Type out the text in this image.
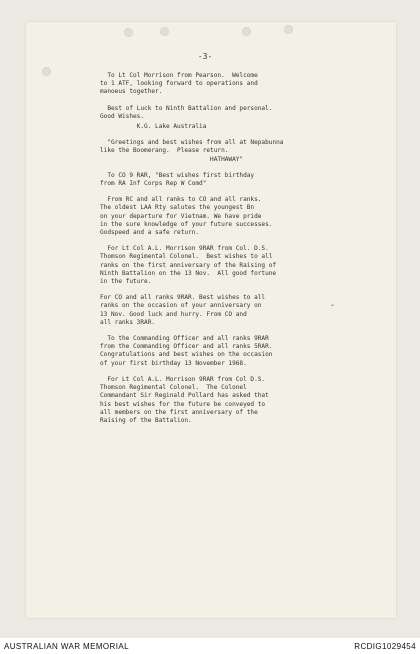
-3-

To Lt Col Morrison from Pearson.  Welcome
to 1 ATF, looking forward to operations and
manoeus together.

Best of Luck to Ninth Battalion and personal.
Good Wishes.

K.G. Lake Australia

"Greetings and best wishes from all at Nepabunna
like the Boomerang.  Please return.
HATHAWAY"

To CO 9 RAR, "Best wishes first birthday
from RA Inf Corps Rep W Comd"

From RC and all ranks to CO and all ranks.
The oldest LAA Rty salutes the youngest Bn
on your departure for Vietnam. We have pride
in the sure knowledge of your future successes.
Godspeed and a safe return.

For Lt Col A.L. Morrison 9RAR from Col. D.S.
Thomson Regimental Colonel.  Best wishes to all
ranks on the first anniversary of the Raising of
Ninth Battalion on the 13 Nov.  All good fortune
in the future.

For CO and all ranks 9RAR. Best wishes to all
ranks on the occasion of your anniversary on
13 Nov. Good luck and hurry. From CO and
all ranks 3RAR.

To the Commanding Officer and all ranks 9RAR
from the Commanding Officer and all ranks 5RAR.
Congratulations and best wishes on the occasion
of your first birthday 13 November 1968.

For Lt Col A.L. Morrison 9RAR from Col D.S.
Thomson Regimental Colonel.  The Colonel
Commandant Sir Reginald Pollard has asked that
his best wishes for the future be conveyed to
all members on the first anniversary of the
Raising of the Battalion.

ˇ
AUSTRALIAN WAR MEMORIAL	RCDIG1029454
